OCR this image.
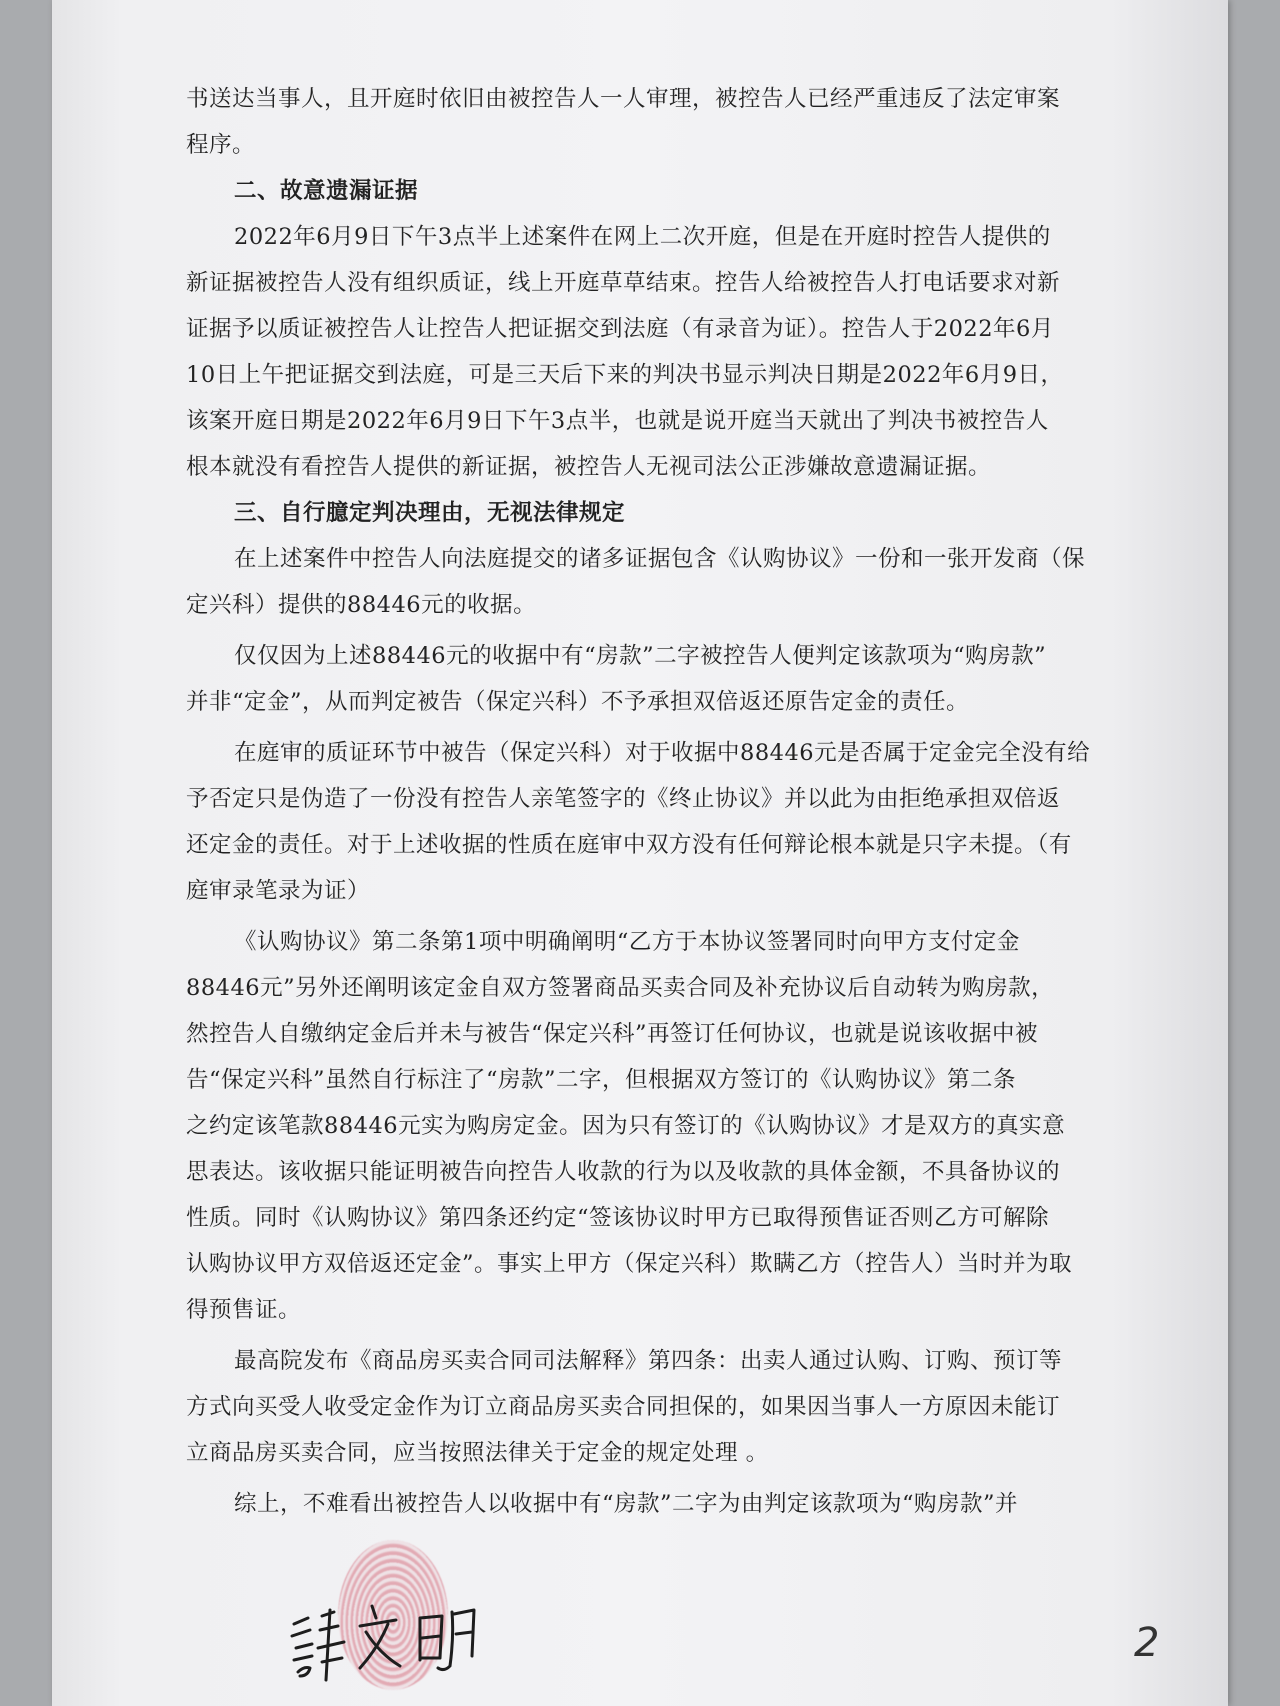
书送达当事人，且开庭时依旧由被控告人一人审理，被控告人已经严重违反了法定审案
程序。
二、故意遗漏证据
2022年6月9日下午3点半上述案件在网上二次开庭，但是在开庭时控告人提供的
新证据被控告人没有组织质证，线上开庭草草结束。控告人给被控告人打电话要求对新
证据予以质证被控告人让控告人把证据交到法庭（有录音为证）。控告人于2022年6月
10日上午把证据交到法庭，可是三天后下来的判决书显示判决日期是2022年6月9日，
该案开庭日期是2022年6月9日下午3点半，也就是说开庭当天就出了判决书被控告人
根本就没有看控告人提供的新证据，被控告人无视司法公正涉嫌故意遗漏证据。
三、自行臆定判决理由，无视法律规定
在上述案件中控告人向法庭提交的诸多证据包含《认购协议》一份和一张开发商（保
定兴科）提供的88446元的收据。
仅仅因为上述88446元的收据中有“房款”二字被控告人便判定该款项为“购房款”
并非“定金”，从而判定被告（保定兴科）不予承担双倍返还原告定金的责任。
在庭审的质证环节中被告（保定兴科）对于收据中88446元是否属于定金完全没有给
予否定只是伪造了一份没有控告人亲笔签字的《终止协议》并以此为由拒绝承担双倍返
还定金的责任。对于上述收据的性质在庭审中双方没有任何辩论根本就是只字未提。（有
庭审录笔录为证）
《认购协议》第二条第1项中明确阐明“乙方于本协议签署同时向甲方支付定金
88446元”另外还阐明该定金自双方签署商品买卖合同及补充协议后自动转为购房款，
然控告人自缴纳定金后并未与被告“保定兴科”再签订任何协议，也就是说该收据中被
告“保定兴科”虽然自行标注了“房款”二字，但根据双方签订的《认购协议》第二条
之约定该笔款88446元实为购房定金。因为只有签订的《认购协议》才是双方的真实意
思表达。该收据只能证明被告向控告人收款的行为以及收款的具体金额，不具备协议的
性质。同时《认购协议》第四条还约定“签该协议时甲方已取得预售证否则乙方可解除
认购协议甲方双倍返还定金”。事实上甲方（保定兴科）欺瞒乙方（控告人）当时并为取
得预售证。
最高院发布《商品房买卖合同司法解释》第四条：出卖人通过认购、订购、预订等
方式向买受人收受定金作为订立商品房买卖合同担保的，如果因当事人一方原因未能订
立商品房买卖合同，应当按照法律关于定金的规定处理 。
综上，不难看出被控告人以收据中有“房款”二字为由判定该款项为“购房款”并
2
